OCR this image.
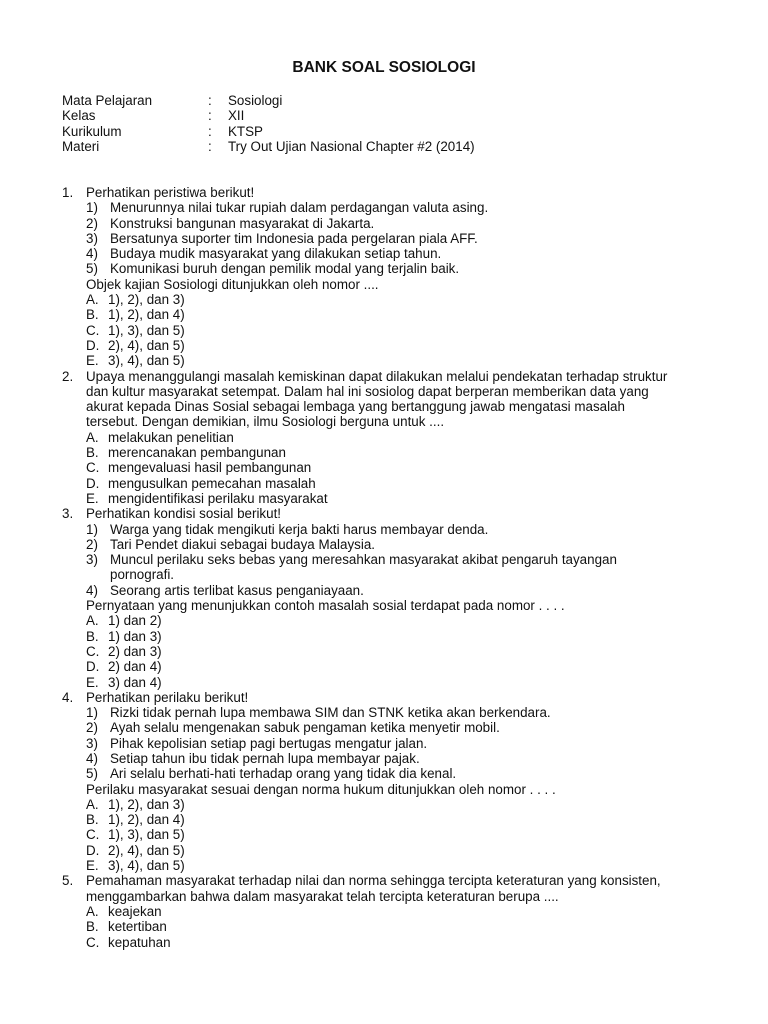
BANK SOAL SOSIOLOGI
Mata Pelajaran	: Sosiologi
Kelas	: XII
Kurikulum	: KTSP
Materi	: Try Out Ujian Nasional Chapter #2 (2014)
1. Perhatikan peristiwa berikut!
1) Menurunnya nilai tukar rupiah dalam perdagangan valuta asing.
2) Konstruksi bangunan masyarakat di Jakarta.
3) Bersatunya suporter tim Indonesia pada pergelaran piala AFF.
4) Budaya mudik masyarakat yang dilakukan setiap tahun.
5) Komunikasi buruh dengan pemilik modal yang terjalin baik.
Objek kajian Sosiologi ditunjukkan oleh nomor ....
A. 1), 2), dan 3)
B. 1), 2), dan 4)
C. 1), 3), dan 5)
D. 2), 4), dan 5)
E. 3), 4), dan 5)
2. Upaya menanggulangi masalah kemiskinan dapat dilakukan melalui pendekatan terhadap struktur
dan kultur masyarakat setempat. Dalam hal ini sosiolog dapat berperan memberikan data yang
akurat kepada Dinas Sosial sebagai lembaga yang bertanggung jawab mengatasi masalah
tersebut. Dengan demikian, ilmu Sosiologi berguna untuk ....
A. melakukan penelitian
B. merencanakan pembangunan
C. mengevaluasi hasil pembangunan
D. mengusulkan pemecahan masalah
E. mengidentifikasi perilaku masyarakat
3. Perhatikan kondisi sosial berikut!
1) Warga yang tidak mengikuti kerja bakti harus membayar denda.
2) Tari Pendet diakui sebagai budaya Malaysia.
3) Muncul perilaku seks bebas yang meresahkan masyarakat akibat pengaruh tayangan
pornografi.
4) Seorang artis terlibat kasus penganiayaan.
Pernyataan yang menunjukkan contoh masalah sosial terdapat pada nomor . . . .
A. 1) dan 2)
B. 1) dan 3)
C. 2) dan 3)
D. 2) dan 4)
E. 3) dan 4)
4. Perhatikan perilaku berikut!
1) Rizki tidak pernah lupa membawa SIM dan STNK ketika akan berkendara.
2) Ayah selalu mengenakan sabuk pengaman ketika menyetir mobil.
3) Pihak kepolisian setiap pagi bertugas mengatur jalan.
4) Setiap tahun ibu tidak pernah lupa membayar pajak.
5) Ari selalu berhati-hati terhadap orang yang tidak dia kenal.
Perilaku masyarakat sesuai dengan norma hukum ditunjukkan oleh nomor . . . .
A. 1), 2), dan 3)
B. 1), 2), dan 4)
C. 1), 3), dan 5)
D. 2), 4), dan 5)
E. 3), 4), dan 5)
5. Pemahaman masyarakat terhadap nilai dan norma sehingga tercipta keteraturan yang konsisten,
menggambarkan bahwa dalam masyarakat telah tercipta keteraturan berupa ....
A. keajekan
B. ketertiban
C. kepatuhan
